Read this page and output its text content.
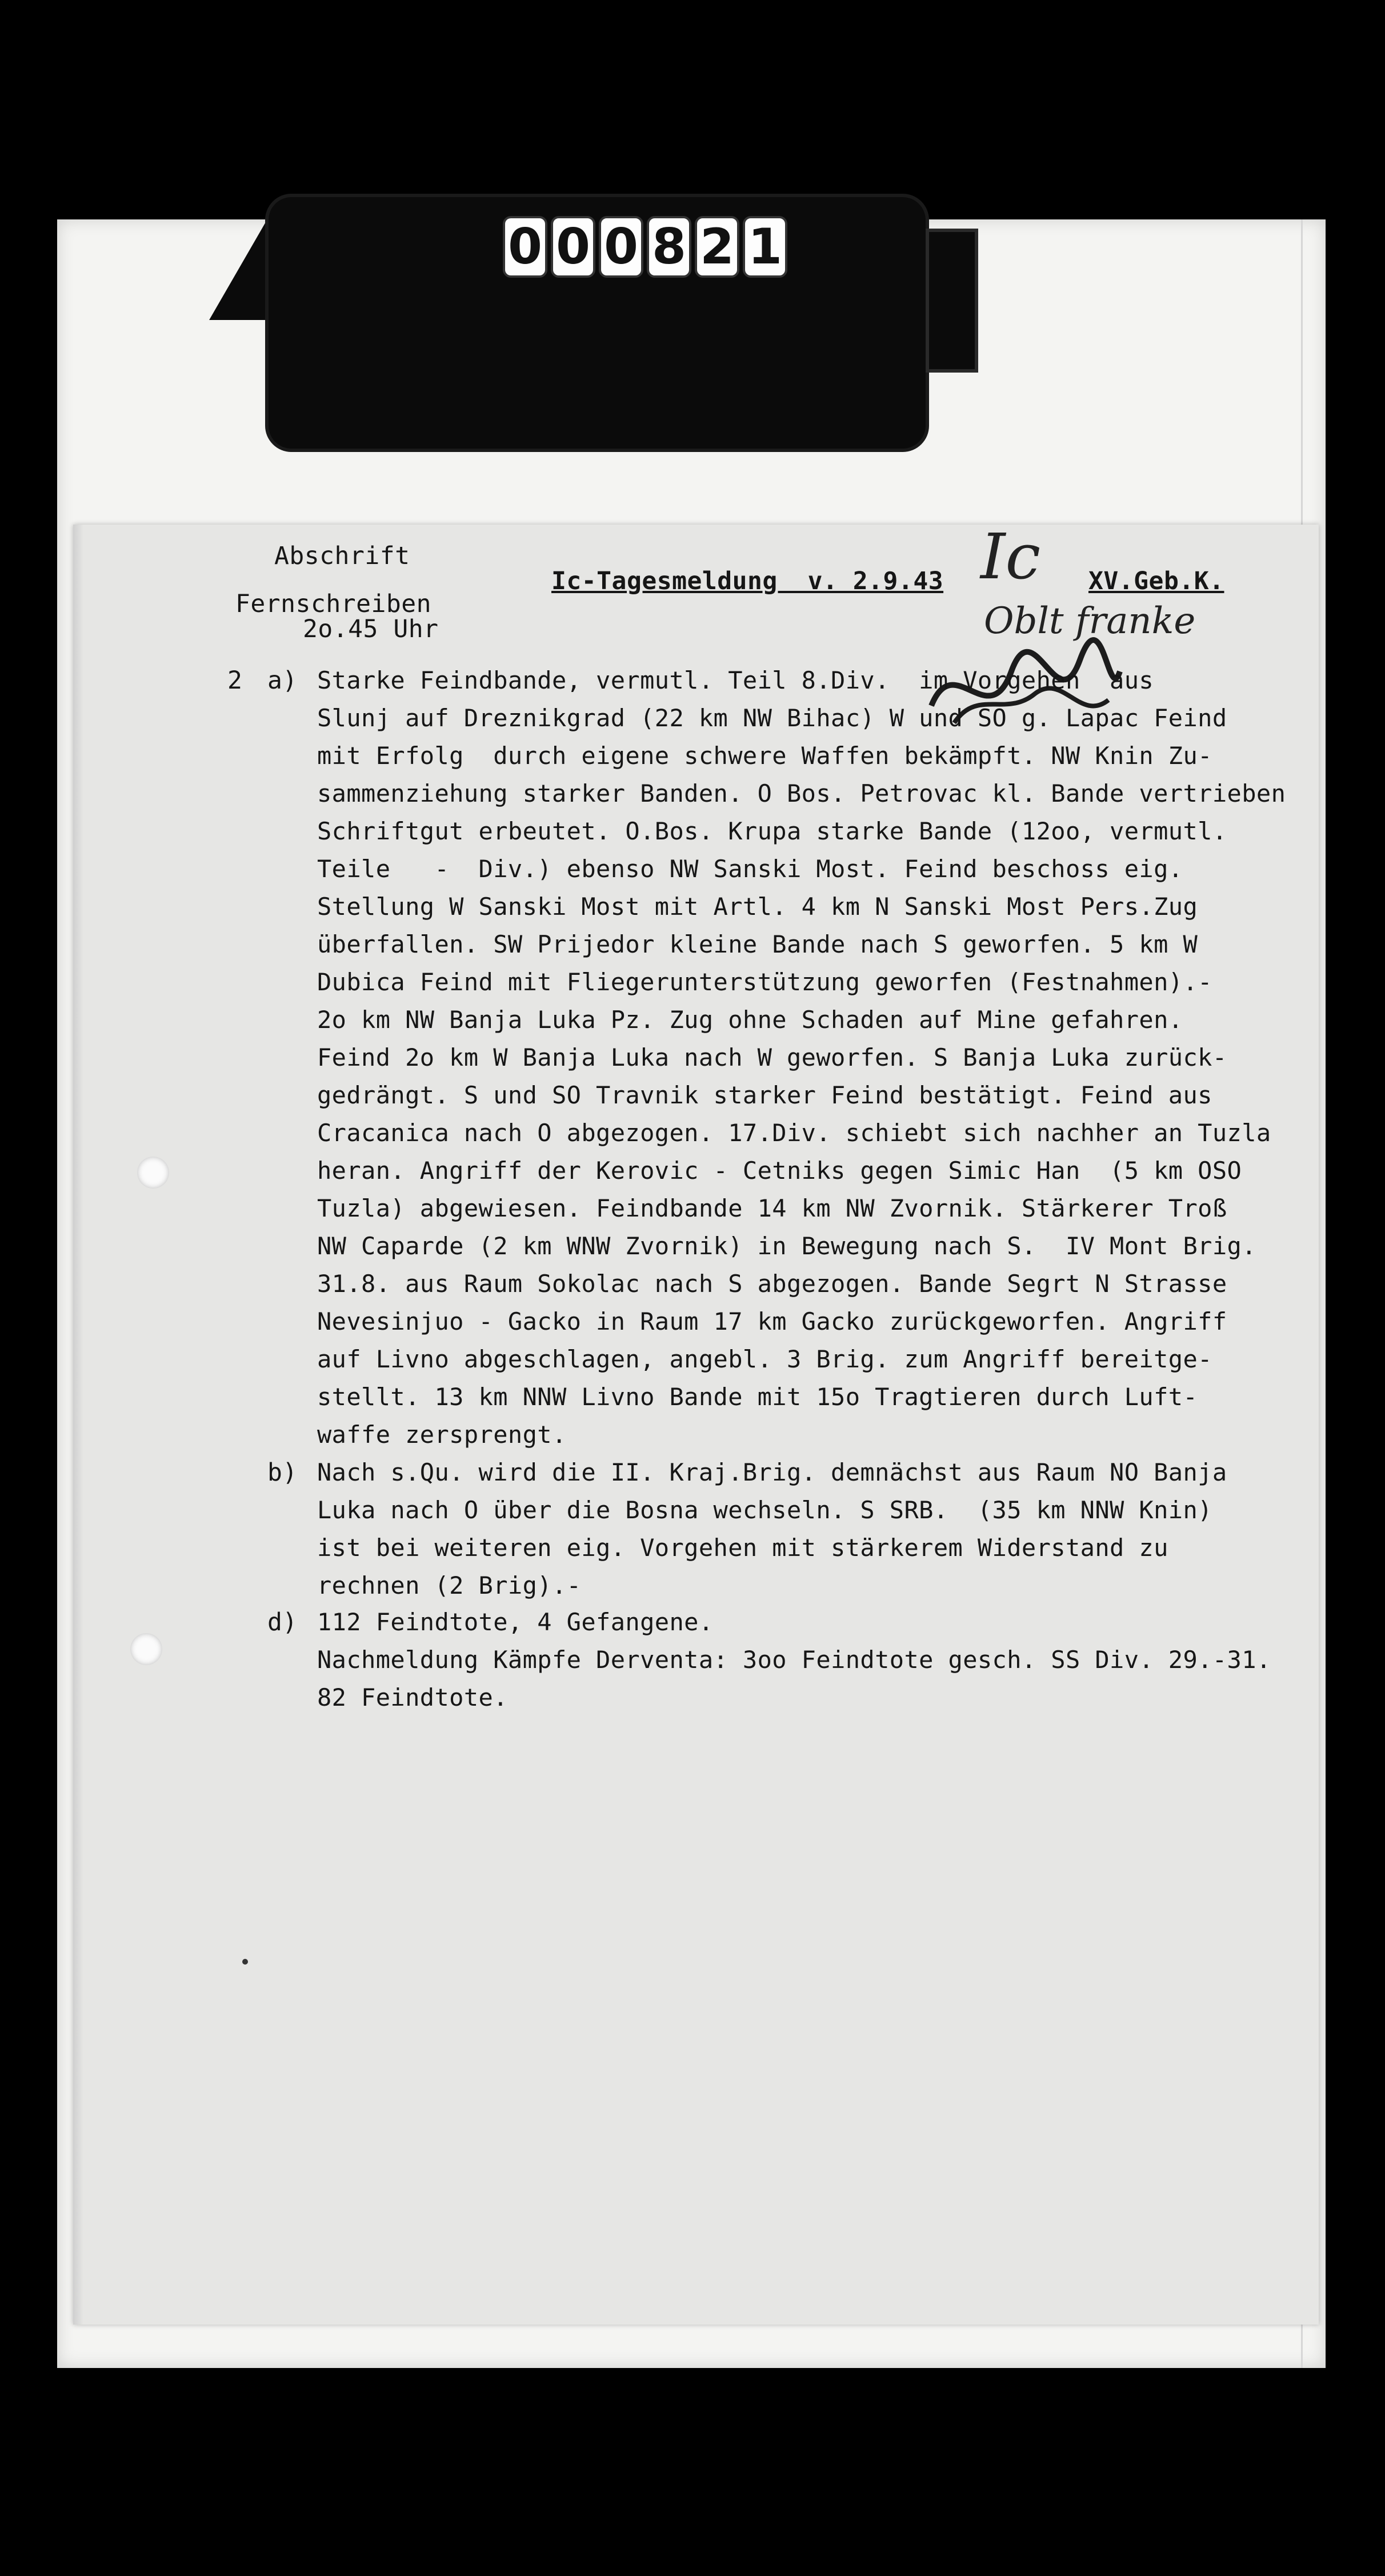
0 0 0 8 2 1
Abschrift
Fernschreiben
2o.45 Uhr
Ic-Tagesmeldung  v. 2.9.43	XV.Geb.K.
Ic
Oblt franke
2 a)
b)
d)
Starke Feindbande, vermutl. Teil 8.Div.  im Vorgehen  aus
Slunj auf Dreznikgrad (22 km NW Bihac) W und SO g. Lapac Feind
mit Erfolg  durch eigene schwere Waffen bekämpft. NW Knin Zu-
sammenziehung starker Banden. O Bos. Petrovac kl. Bande vertrieben
Schriftgut erbeutet. O.Bos. Krupa starke Bande (12oo, vermutl.
Teile   -  Div.) ebenso NW Sanski Most. Feind beschoss eig.
Stellung W Sanski Most mit Artl. 4 km N Sanski Most Pers.Zug
überfallen. SW Prijedor kleine Bande nach S geworfen. 5 km W
Dubica Feind mit Fliegerunterstützung geworfen (Festnahmen).-
2o km NW Banja Luka Pz. Zug ohne Schaden auf Mine gefahren.
Feind 2o km W Banja Luka nach W geworfen. S Banja Luka zurück-
gedrängt. S und SO Travnik starker Feind bestätigt. Feind aus
Cracanica nach O abgezogen. 17.Div. schiebt sich nachher an Tuzla
heran. Angriff der Kerovic - Cetniks gegen Simic Han  (5 km OSO
Tuzla) abgewiesen. Feindbande 14 km NW Zvornik. Stärkerer Troß
NW Caparde (2 km WNW Zvornik) in Bewegung nach S.  IV Mont Brig.
31.8. aus Raum Sokolac nach S abgezogen. Bande Segrt N Strasse
Nevesinjuo - Gacko in Raum 17 km Gacko zurückgeworfen. Angriff
auf Livno abgeschlagen, angebl. 3 Brig. zum Angriff bereitge-
stellt. 13 km NNW Livno Bande mit 15o Tragtieren durch Luft-
waffe zersprengt.
Nach s.Qu. wird die II. Kraj.Brig. demnächst aus Raum NO Banja
Luka nach O über die Bosna wechseln. S SRB.  (35 km NNW Knin)
ist bei weiteren eig. Vorgehen mit stärkerem Widerstand zu
rechnen (2 Brig).-
112 Feindtote, 4 Gefangene.
Nachmeldung Kämpfe Derventa: 3oo Feindtote gesch. SS Div. 29.-31.
82 Feindtote.
